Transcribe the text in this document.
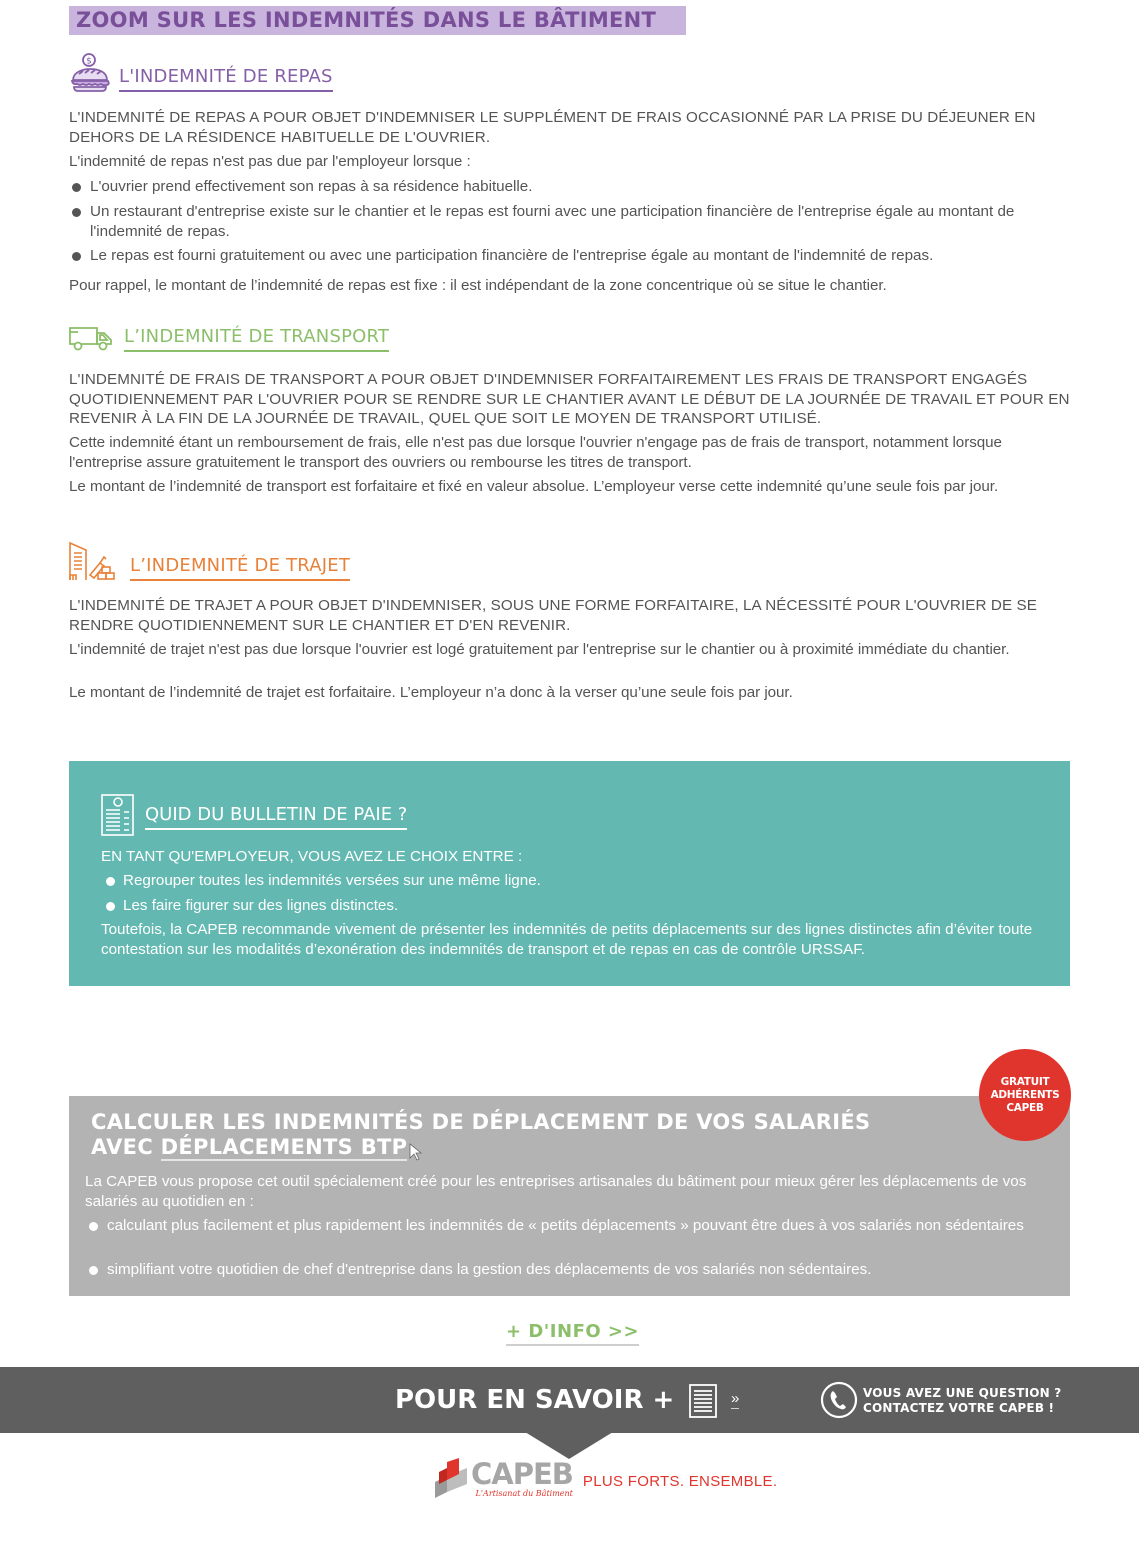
ZOOM SUR LES INDEMNITÉS DANS LE BÂTIMENT
$
L'INDEMNITÉ DE REPAS
L'INDEMNITÉ DE REPAS A POUR OBJET D'INDEMNISER LE SUPPLÉMENT DE FRAIS OCCASIONNÉ PAR LA PRISE DU DÉJEUNER EN DEHORS DE LA RÉSIDENCE HABITUELLE DE L'OUVRIER.
L'indemnité de repas n'est pas due par l'employeur lorsque :
L'ouvrier prend effectivement son repas à sa résidence habituelle.
Un restaurant d'entreprise existe sur le chantier et le repas est fourni avec une participation financière de l'entreprise égale au montant de l'indemnité de repas.
Le repas est fourni gratuitement ou avec une participation financière de l'entreprise égale au montant de l'indemnité de repas.
Pour rappel, le montant de l’indemnité de repas est fixe : il est indépendant de la zone concentrique où se situe le chantier.
L’INDEMNITÉ DE TRANSPORT
L'INDEMNITÉ DE FRAIS DE TRANSPORT A POUR OBJET D'INDEMNISER FORFAITAIREMENT LES FRAIS DE TRANSPORT ENGAGÉS QUOTIDIENNEMENT PAR L'OUVRIER POUR SE RENDRE SUR LE CHANTIER AVANT LE DÉBUT DE LA JOURNÉE DE TRAVAIL ET POUR EN REVENIR À LA FIN DE LA JOURNÉE DE TRAVAIL, QUEL QUE SOIT LE MOYEN DE TRANSPORT UTILISÉ.
Cette indemnité étant un remboursement de frais, elle n'est pas due lorsque l'ouvrier n'engage pas de frais de transport, notamment lorsque l'entreprise assure gratuitement le transport des ouvriers ou rembourse les titres de transport.
Le montant de l’indemnité de transport est forfaitaire et fixé en valeur absolue. L’employeur verse cette indemnité qu’une seule fois par jour.
L’INDEMNITÉ DE TRAJET
L'INDEMNITÉ DE TRAJET A POUR OBJET D'INDEMNISER, SOUS UNE FORME FORFAITAIRE, LA NÉCESSITÉ POUR L'OUVRIER DE SE RENDRE QUOTIDIENNEMENT SUR LE CHANTIER ET D'EN REVENIR.
L'indemnité de trajet n'est pas due lorsque l'ouvrier est logé gratuitement par l'entreprise sur le chantier ou à proximité immédiate du chantier.
Le montant de l’indemnité de trajet est forfaitaire. L’employeur n’a donc à la verser qu’une seule fois par jour.
QUID DU BULLETIN DE PAIE ?
EN TANT QU'EMPLOYEUR, VOUS AVEZ LE CHOIX ENTRE :
Regrouper toutes les indemnités versées sur une même ligne.
Les faire figurer sur des lignes distinctes.
Toutefois, la CAPEB recommande vivement de présenter les indemnités de petits déplacements sur des lignes distinctes afin d’éviter toute contestation sur les modalités d’exonération des indemnités de transport et de repas en cas de contrôle URSSAF.
CALCULER LES INDEMNITÉS DE DÉPLACEMENT DE VOS SALARIÉS
AVEC DÉPLACEMENTS BTP
La CAPEB vous propose cet outil spécialement créé pour les entreprises artisanales du bâtiment pour mieux gérer les déplacements de vos salariés au quotidien en :
calculant plus facilement et plus rapidement les indemnités de « petits déplacements » pouvant être dues à vos salariés non sédentaires
simplifiant votre quotidien de chef d'entreprise dans la gestion des déplacements de vos salariés non sédentaires.
GRATUIT
ADHÉRENTS
CAPEB
+ D'INFO >>
POUR EN SAVOIR +	»	VOUS AVEZ UNE QUESTION ?
CONTACTEZ VOTRE CAPEB !
CAPEB
L'Artisanat du Bâtiment
PLUS FORTS. ENSEMBLE.
